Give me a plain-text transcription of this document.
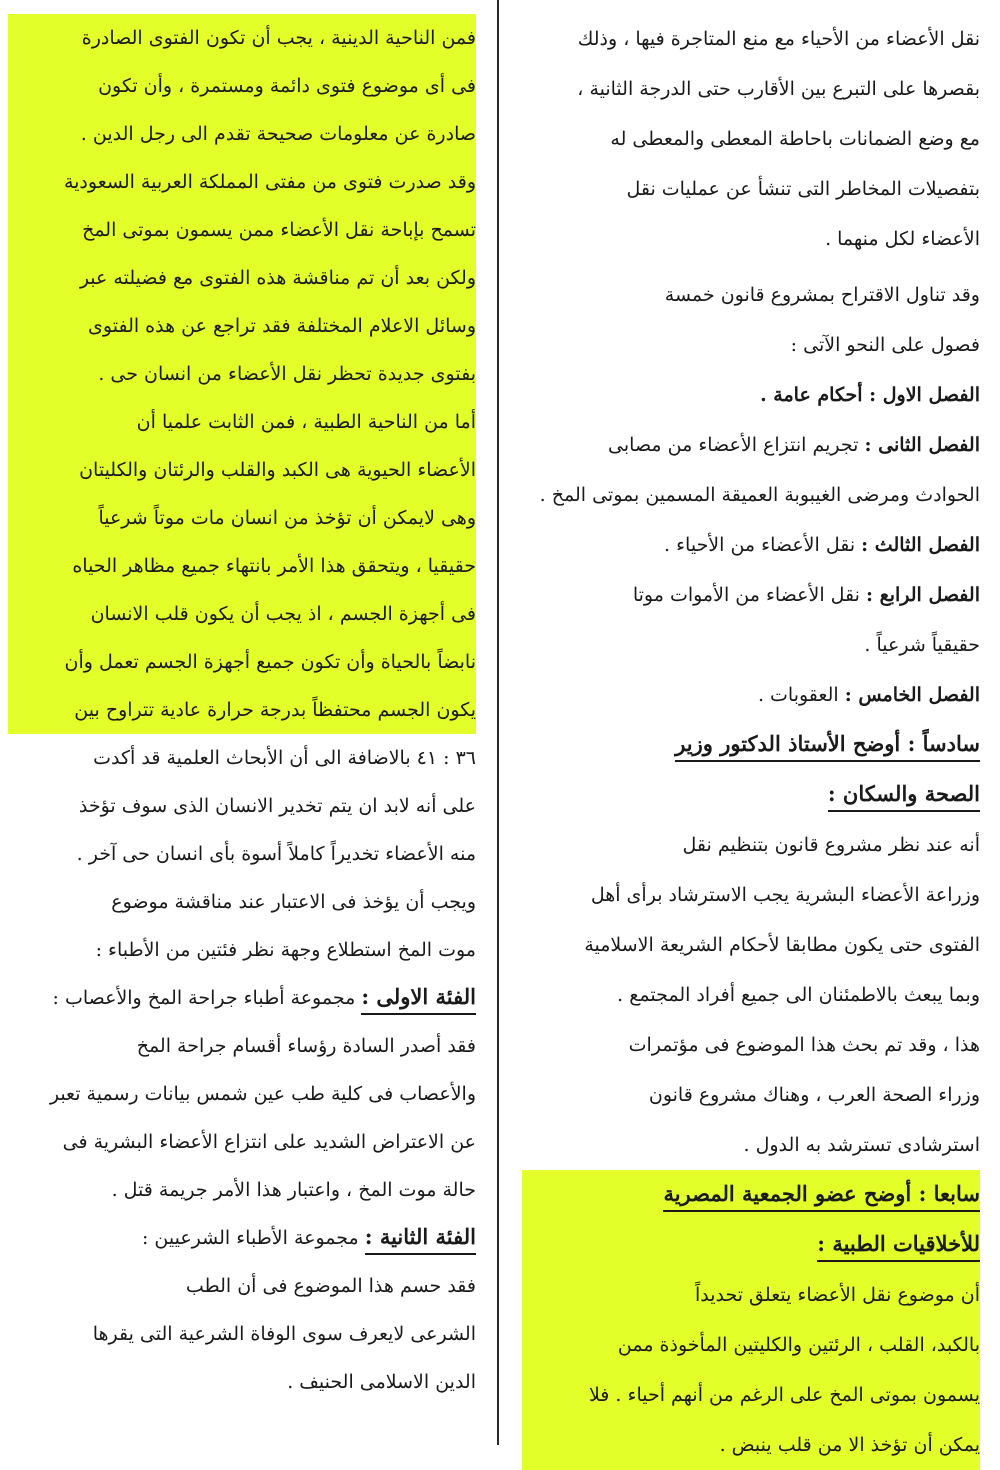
نقل الأعضاء من الأحياء مع منع المتاجرة فيها ، وذلك
بقصرها على التبرع بين الأقارب حتى الدرجة الثانية ،
مع وضع الضمانات باحاطة المعطى والمعطى له
بتفصيلات المخاطر التى تنشأ عن عمليات نقل
الأعضاء لكل منهما .
وقد تناول الاقتراح بمشروع قانون خمسة
فصول على النحو الآتى :
الفصل الاول : أحكام عامة .
الفصل الثانى : تجريم انتزاع الأعضاء من مصابى
الحوادث ومرضى الغيبوبة العميقة المسمين بموتى المخ .
الفصل الثالث : نقل الأعضاء من الأحياء .
الفصل الرابع : نقل الأعضاء من الأموات موتا
حقيقياً شرعياً .
الفصل الخامس : العقوبات .
سادساً : أوضح الأستاذ الدكتور وزير
الصحة والسكان :
أنه عند نظر مشروع قانون بتنظيم نقل
وزراعة الأعضاء البشرية يجب الاسترشاد برأى أهل
الفتوى حتى يكون مطابقا لأحكام الشريعة الاسلامية
وبما يبعث بالاطمئنان الى جميع أفراد المجتمع .
هذا ، وقد تم بحث هذا الموضوع فى مؤتمرات
وزراء الصحة العرب ، وهناك مشروع قانون
استرشادى تسترشد به الدول .
سابعا : أوضح عضو الجمعية المصرية
للأخلاقيات الطبية :
أن موضوع نقل الأعضاء يتعلق تحديداً
بالكبد، القلب ، الرئتين والكليتين المأخوذة ممن
يسمون بموتى المخ على الرغم من أنهم أحياء . فلا
يمكن أن تؤخذ الا من قلب ينبض .
فمن الناحية الدينية ، يجب أن تكون الفتوى الصادرة
فى أى موضوع فتوى دائمة ومستمرة ، وأن تكون
صادرة عن معلومات صحيحة تقدم الى رجل الدين .
وقد صدرت فتوى من مفتى المملكة العربية السعودية
تسمح بإباحة نقل الأعضاء ممن يسمون بموتى المخ
ولكن بعد أن تم مناقشة هذه الفتوى مع فضيلته عبر
وسائل الاعلام المختلفة فقد تراجع عن هذه الفتوى
بفتوى جديدة تحظر نقل الأعضاء من انسان حى .
أما من الناحية الطبية ، فمن الثابت علميا أن
الأعضاء الحيوية هى الكبد والقلب والرئتان والكليتان
وهى لايمكن أن تؤخذ من انسان مات موتاً شرعياً
حقيقيا ، ويتحقق هذا الأمر بانتهاء جميع مظاهر الحياه
فى أجهزة الجسم ، اذ يجب أن يكون قلب الانسان
نابضاً بالحياة وأن تكون جميع أجهزة الجسم تعمل وأن
يكون الجسم محتفظاً بدرجة حرارة عادية تتراوح بين
٣٦ : ٤١ بالاضافة الى أن الأبحاث العلمية قد أكدت
على أنه لابد ان يتم تخدير الانسان الذى سوف تؤخذ
منه الأعضاء تخديراً كاملاً أسوة بأى انسان حى آخر .
ويجب أن يؤخذ فى الاعتبار عند مناقشة موضوع
موت المخ استطلاع وجهة نظر فئتين من الأطباء :
الفئة الاولى : مجموعة أطباء جراحة المخ والأعصاب :
فقد أصدر السادة رؤساء أقسام جراحة المخ
والأعصاب فى كلية طب عين شمس بيانات رسمية تعبر
عن الاعتراض الشديد على انتزاع الأعضاء البشرية فى
حالة موت المخ ، واعتبار هذا الأمر جريمة قتل .
الفئة الثانية : مجموعة الأطباء الشرعيين :
فقد حسم هذا الموضوع فى أن الطب
الشرعى لايعرف سوى الوفاة الشرعية التى يقرها
الدين الاسلامى الحنيف .
